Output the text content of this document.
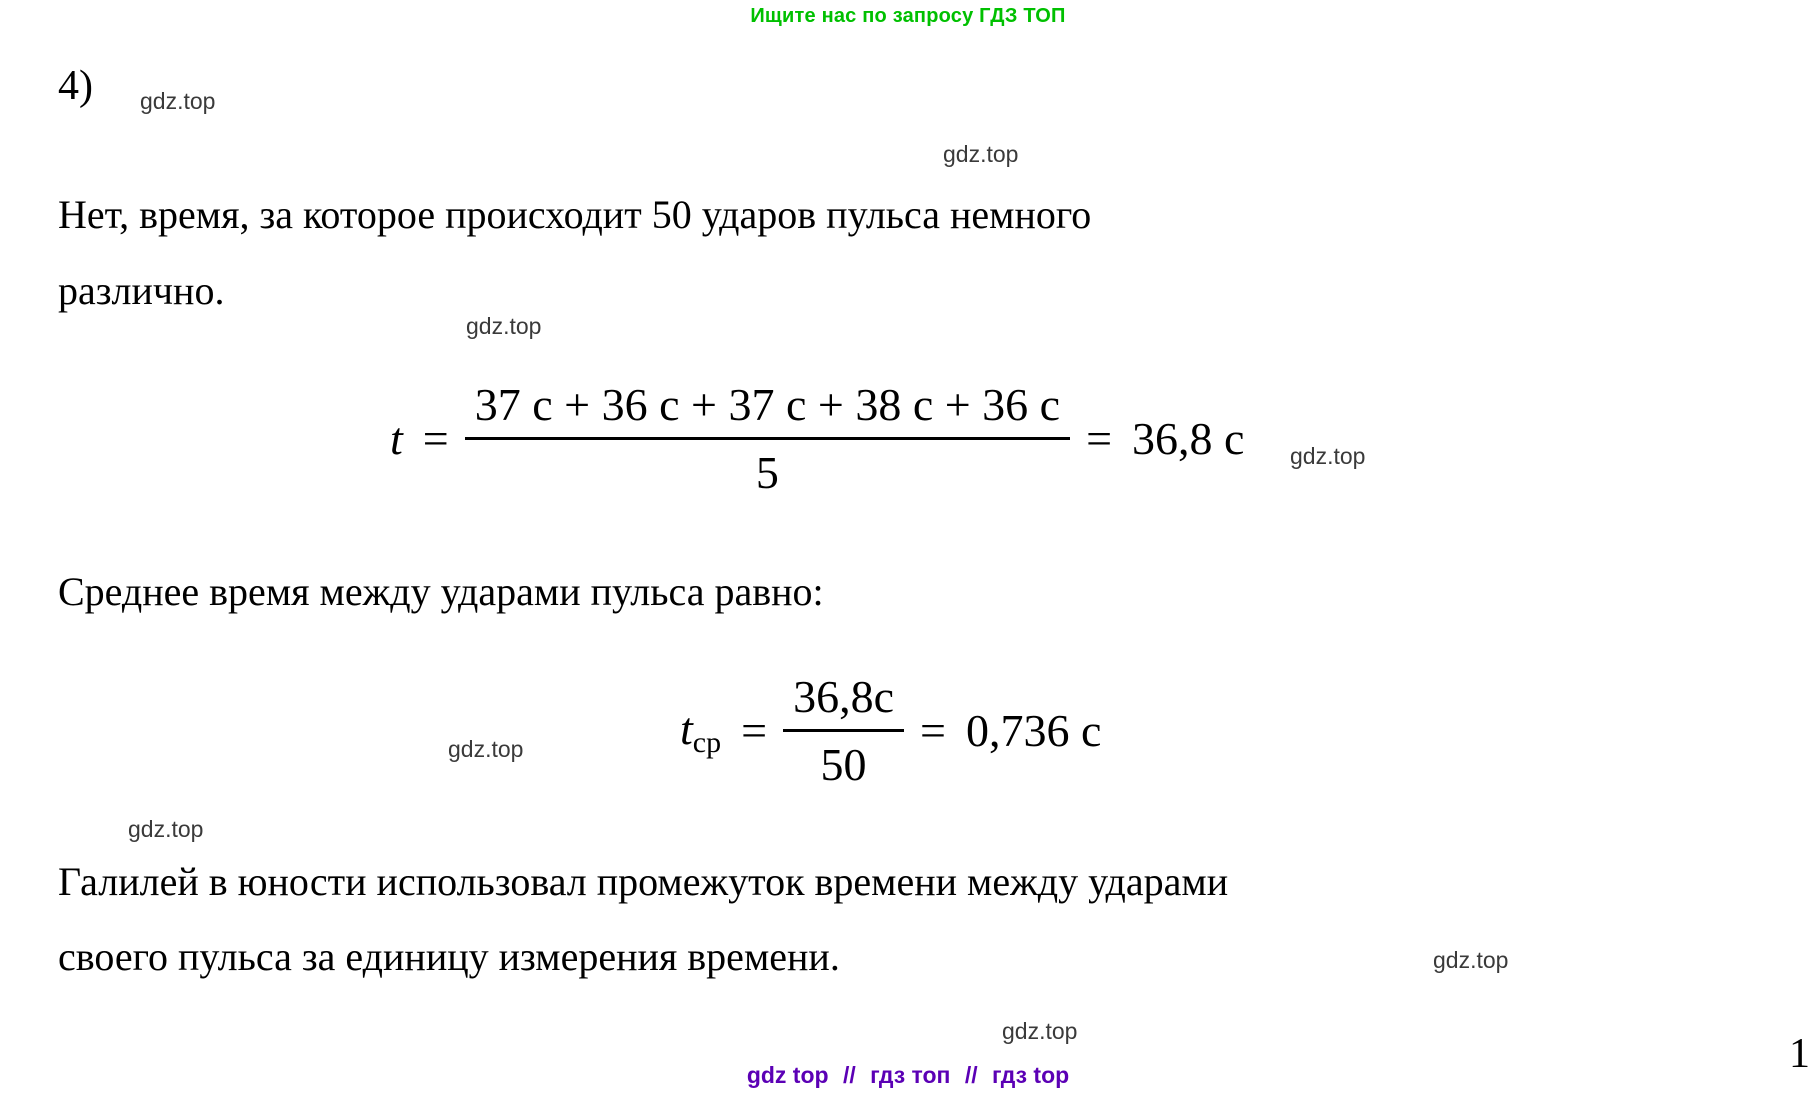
Ищите нас по запросу ГДЗ ТОП
4)
Нет, время, за которое происходит 50 ударов пульса немного
различно.
$t = \frac{37 с + 36 с + 37 с + 38 с + 36 с}{5} = 36,8$ с
Среднее время между ударами пульса равно:
$t_{ср} = \frac{36,8с}{50} = 0,736$ с
Галилей в юности использовал промежуток времени между ударами
своего пульса за единицу измерения времени.
gdz.top
gdz.top
gdz.top
gdz.top
gdz.top
gdz.top
gdz.top
gdz.top	1
gdz top // гдз топ // гдз top
